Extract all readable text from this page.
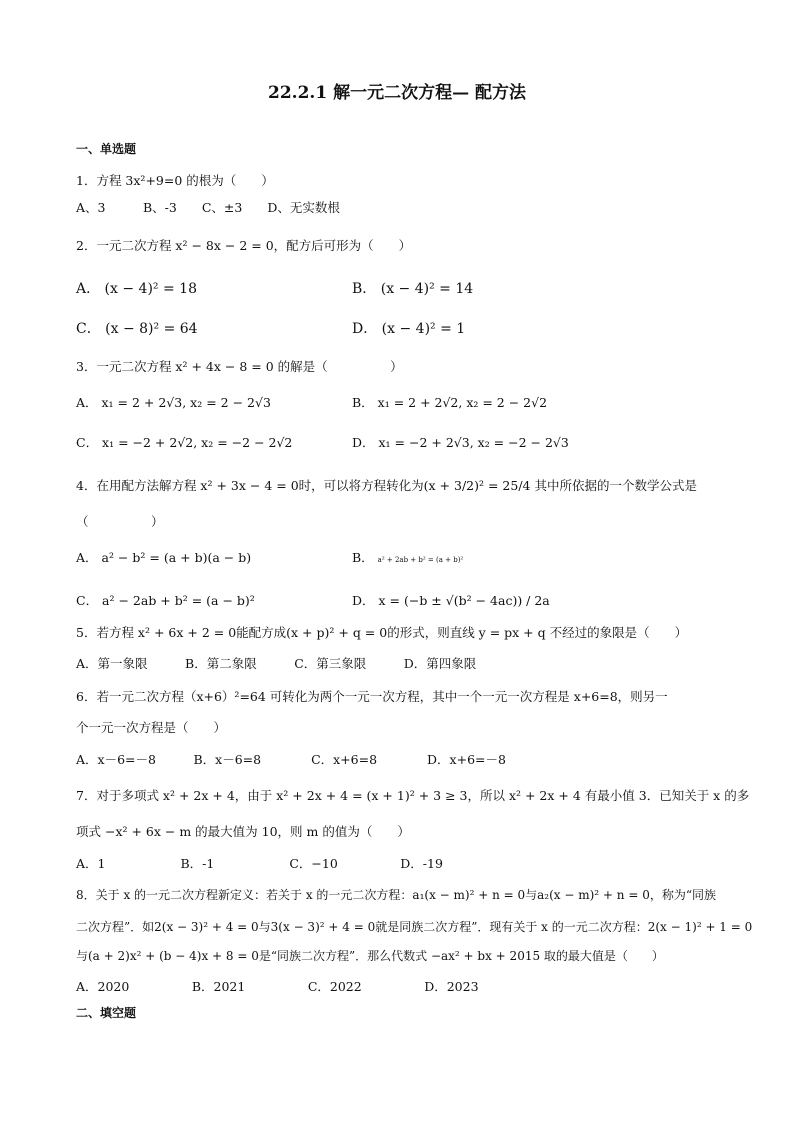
22.2.1 解一元二次方程— 配方法
一、单选题
1．方程 3x²+9=0 的根为（　　）
A、3　　　B、-3　　C、±3　　D、无实数根
2．一元二次方程 x² − 8x − 2 = 0，配方后可形为（　　）
A． (x − 4)² = 18	B． (x − 4)² = 14
C． (x − 8)² = 64	D． (x − 4)² = 1
3．一元二次方程 x² + 4x − 8 = 0 的解是（　　　　　）
A． x₁ = 2 + 2√3, x₂ = 2 − 2√3	B． x₁ = 2 + 2√2, x₂ = 2 − 2√2
C． x₁ = −2 + 2√2, x₂ = −2 − 2√2	D． x₁ = −2 + 2√3, x₂ = −2 − 2√3
4．在用配方法解方程 x² + 3x − 4 = 0时，可以将方程转化为(x + 3/2)² = 25/4 其中所依据的一个数学公式是
（　　　　　）
A． a² − b² = (a + b)(a − b)	B． a² + 2ab + b² = (a + b)²
C． a² − 2ab + b² = (a − b)²	D． x = (−b ± √(b² − 4ac)) / 2a
5．若方程 x² + 6x + 2 = 0能配方成(x + p)² + q = 0的形式，则直线 y = px + q 不经过的象限是（　　）
A．第一象限　　　B．第二象限　　　C．第三象限　　　D．第四象限
6．若一元二次方程（x+6）²=64 可转化为两个一元一次方程，其中一个一元一次方程是 x+6=8，则另一
个一元一次方程是（　　）
A．x－6=－8　　　B．x－6=8　　　　C．x+6=8　　　　D．x+6=－8
7．对于多项式 x² + 2x + 4，由于 x² + 2x + 4 = (x + 1)² + 3 ≥ 3，所以 x² + 2x + 4 有最小值 3．已知关于 x 的多
项式 −x² + 6x − m 的最大值为 10，则 m 的值为（　　）
A．1　　　　　　B．-1　　　　　　C．−10　　　　　D．-19
8．关于 x 的一元二次方程新定义：若关于 x 的一元二次方程：a₁(x − m)² + n = 0与a₂(x − m)² + n = 0，称为“同族
二次方程”．如2(x − 3)² + 4 = 0与3(x − 3)² + 4 = 0就是同族二次方程”．现有关于 x 的一元二次方程：2(x − 1)² + 1 = 0
与(a + 2)x² + (b − 4)x + 8 = 0是“同族二次方程”．那么代数式 −ax² + bx + 2015 取的最大值是（　　）
A．2020　　　　　B．2021　　　　　C．2022　　　　　D．2023
二、填空题
